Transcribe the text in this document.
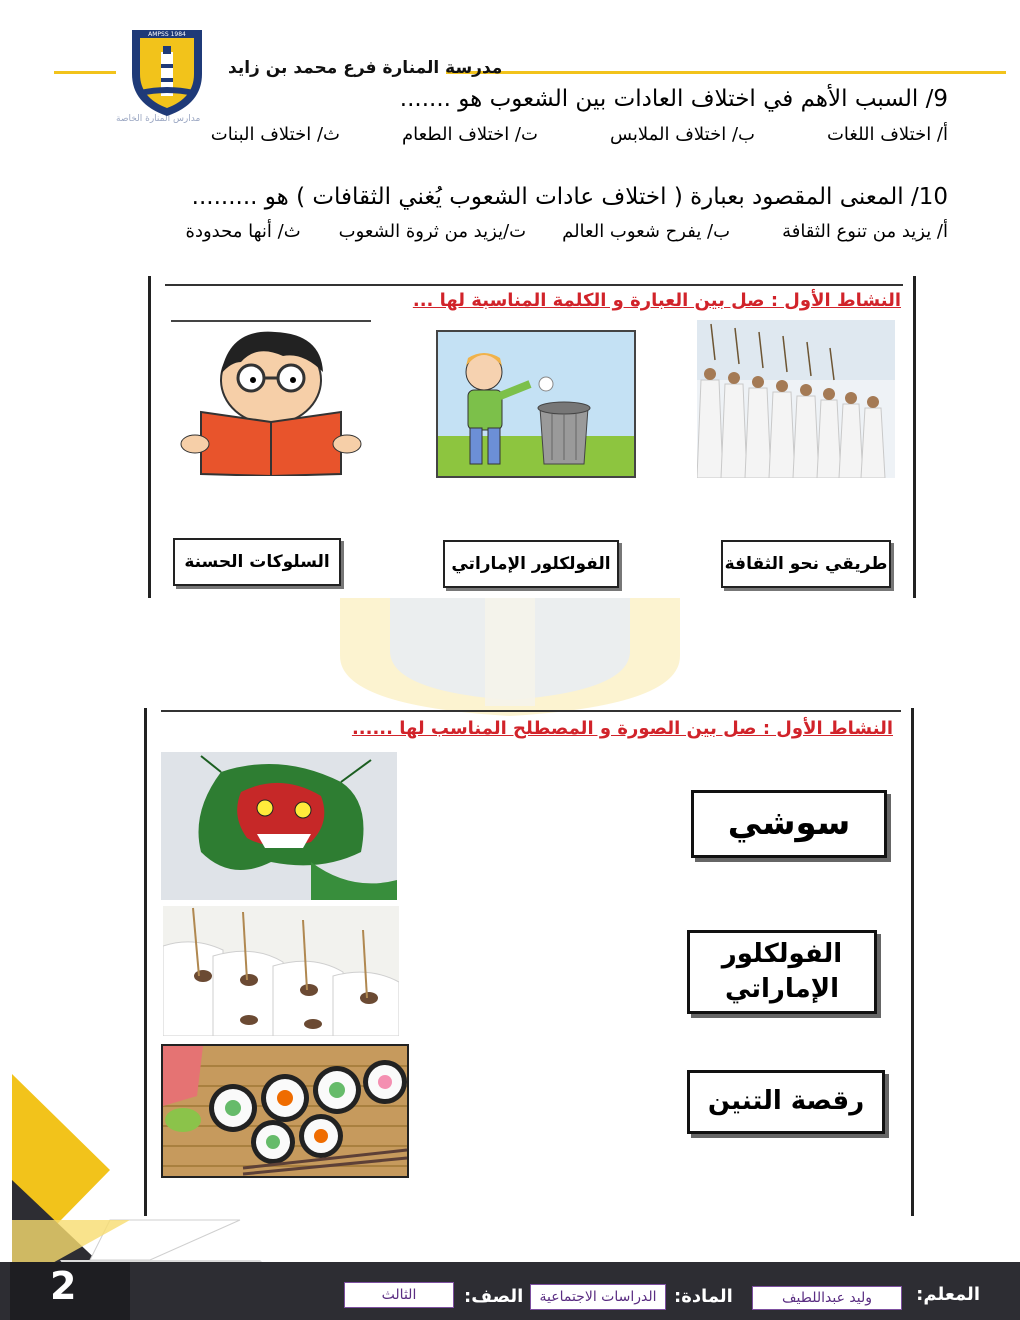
AMPSS 1984
مدارس المنارة الخاصة
مدرسة المنارة فرع محمد بن زايد
9/ السبب الأهم في اختلاف العادات بين الشعوب هو .......
أ/ اختلاف اللغات
ب/ اختلاف الملابس
ت/ اختلاف الطعام
ث/ اختلاف البنات
10/ المعنى المقصود بعبارة ( اختلاف عادات الشعوب يُغني الثقافات ) هو .........
أ/ يزيد من تنوع الثقافة
ب/ يفرح شعوب العالم
ت/يزيد من ثروة الشعوب
ث/ أنها محدودة
النشاط الأول : صل بين العبارة و الكلمة المناسبة لها ...
طريقي نحو الثقافة
الفولكلور الإماراتي
السلوكات الحسنة
النشاط الأول : صل بين الصورة و المصطلح المناسب لها ......
سوشي
الفولكلور الإماراتي
رقصة التنين
2	المعلم:
وليد عبداللطيف
المادة:
الدراسات الاجتماعية
الصف:
الثالث
